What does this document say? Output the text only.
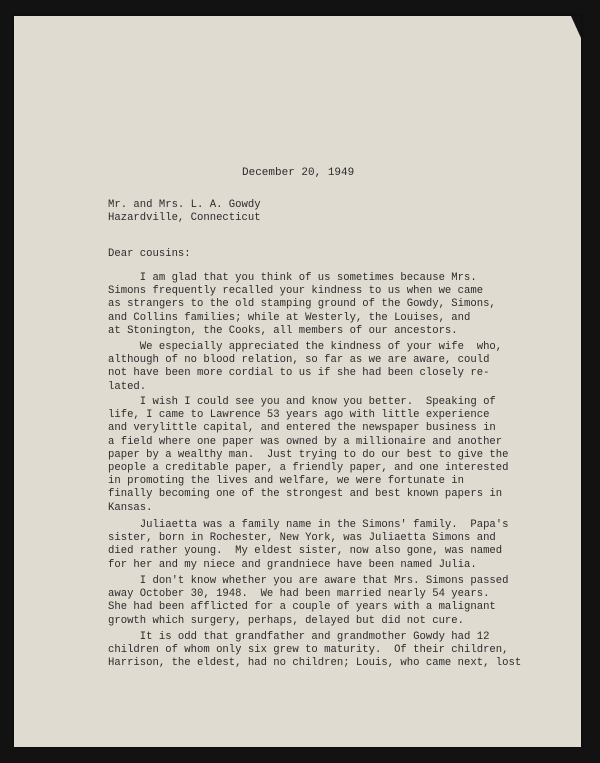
December 20, 1949
Mr. and Mrs. L. A. Gowdy
Hazardville, Connecticut
Dear cousins:
I am glad that you think of us sometimes because Mrs.
Simons frequently recalled your kindness to us when we came
as strangers to the old stamping ground of the Gowdy, Simons,
and Collins families; while at Westerly, the Louises, and
at Stonington, the Cooks, all members of our ancestors.
We especially appreciated the kindness of your wife  who,
although of no blood relation, so far as we are aware, could
not have been more cordial to us if she had been closely re-
lated.
I wish I could see you and know you better.  Speaking of
life, I came to Lawrence 53 years ago with little experience
and verylittle capital, and entered the newspaper business in
a field where one paper was owned by a millionaire and another
paper by a wealthy man.  Just trying to do our best to give the
people a creditable paper, a friendly paper, and one interested
in promoting the lives and welfare, we were fortunate in
finally becoming one of the strongest and best known papers in
Kansas.
Juliaetta was a family name in the Simons' family.  Papa's
sister, born in Rochester, New York, was Juliaetta Simons and
died rather young.  My eldest sister, now also gone, was named
for her and my niece and grandniece have been named Julia.
I don't know whether you are aware that Mrs. Simons passed
away October 30, 1948.  We had been married nearly 54 years.
She had been afflicted for a couple of years with a malignant
growth which surgery, perhaps, delayed but did not cure.
It is odd that grandfather and grandmother Gowdy had 12
children of whom only six grew to maturity.  Of their children,
Harrison, the eldest, had no children; Louis, who came next, lost
